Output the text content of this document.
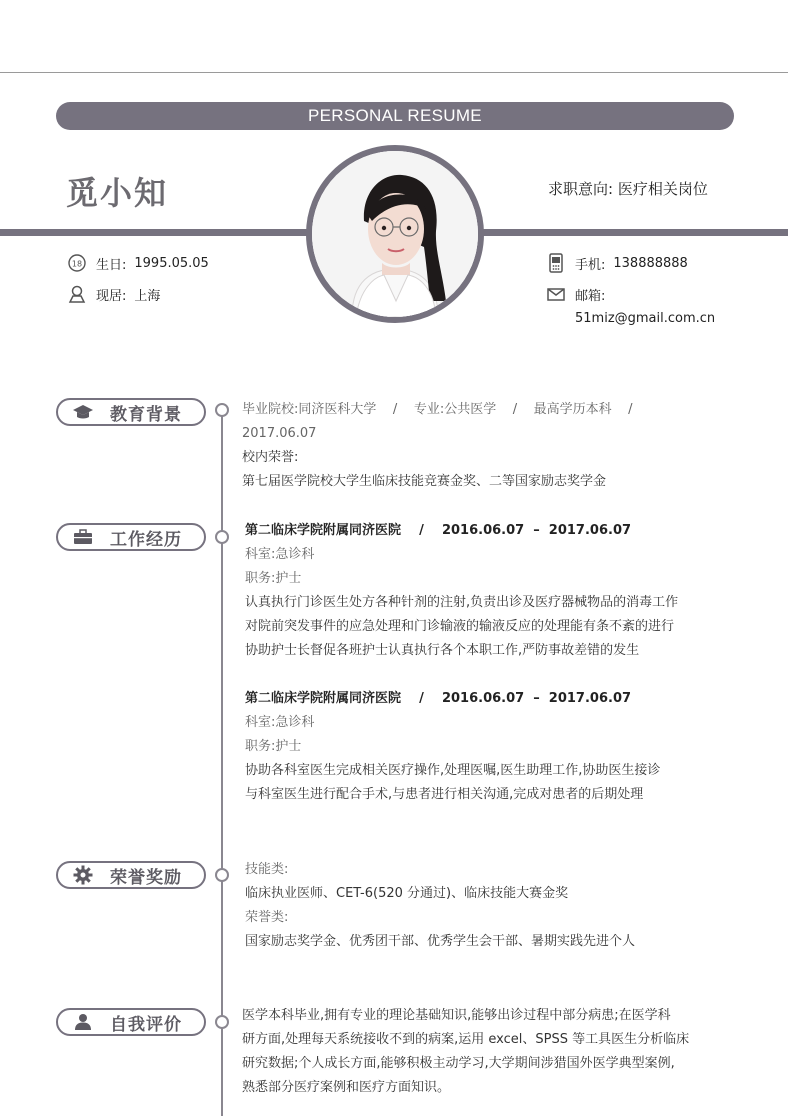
PERSONAL RESUME
觅小知	求职意向: 医疗相关岗位
18 生日: 1995.05.05
现居: 上海
手机: 138888888
邮箱:
51miz@gmail.com.cn
教育背景
工作经历
荣誉奖励
自我评价
毕业院校:同济医科大学    /    专业:公共医学    /    最高学历本科    /
2017.06.07
校内荣誉:
第七届医学院校大学生临床技能竞赛金奖、二等国家励志奖学金
第二临床学院附属同济医院    /    2016.06.07  –  2017.06.07
科室:急诊科
职务:护士
认真执行门诊医生处方各种针剂的注射,负责出诊及医疗器械物品的消毒工作
对院前突发事件的应急处理和门诊输液的输液反应的处理能有条不紊的进行
协助护士长督促各班护士认真执行各个本职工作,严防事故差错的发生
第二临床学院附属同济医院    /    2016.06.07  –  2017.06.07
科室:急诊科
职务:护士
协助各科室医生完成相关医疗操作,处理医嘱,医生助理工作,协助医生接诊
与科室医生进行配合手术,与患者进行相关沟通,完成对患者的后期处理
技能类:
临床执业医师、CET-6(520 分通过)、临床技能大赛金奖
荣誉类:
国家励志奖学金、优秀团干部、优秀学生会干部、暑期实践先进个人
医学本科毕业,拥有专业的理论基础知识,能够出诊过程中部分病患;在医学科
研方面,处理每天系统接收不到的病案,运用 excel、SPSS 等工具医生分析临床
研究数据;个人成长方面,能够积极主动学习,大学期间涉猎国外医学典型案例,
熟悉部分医疗案例和医疗方面知识。
